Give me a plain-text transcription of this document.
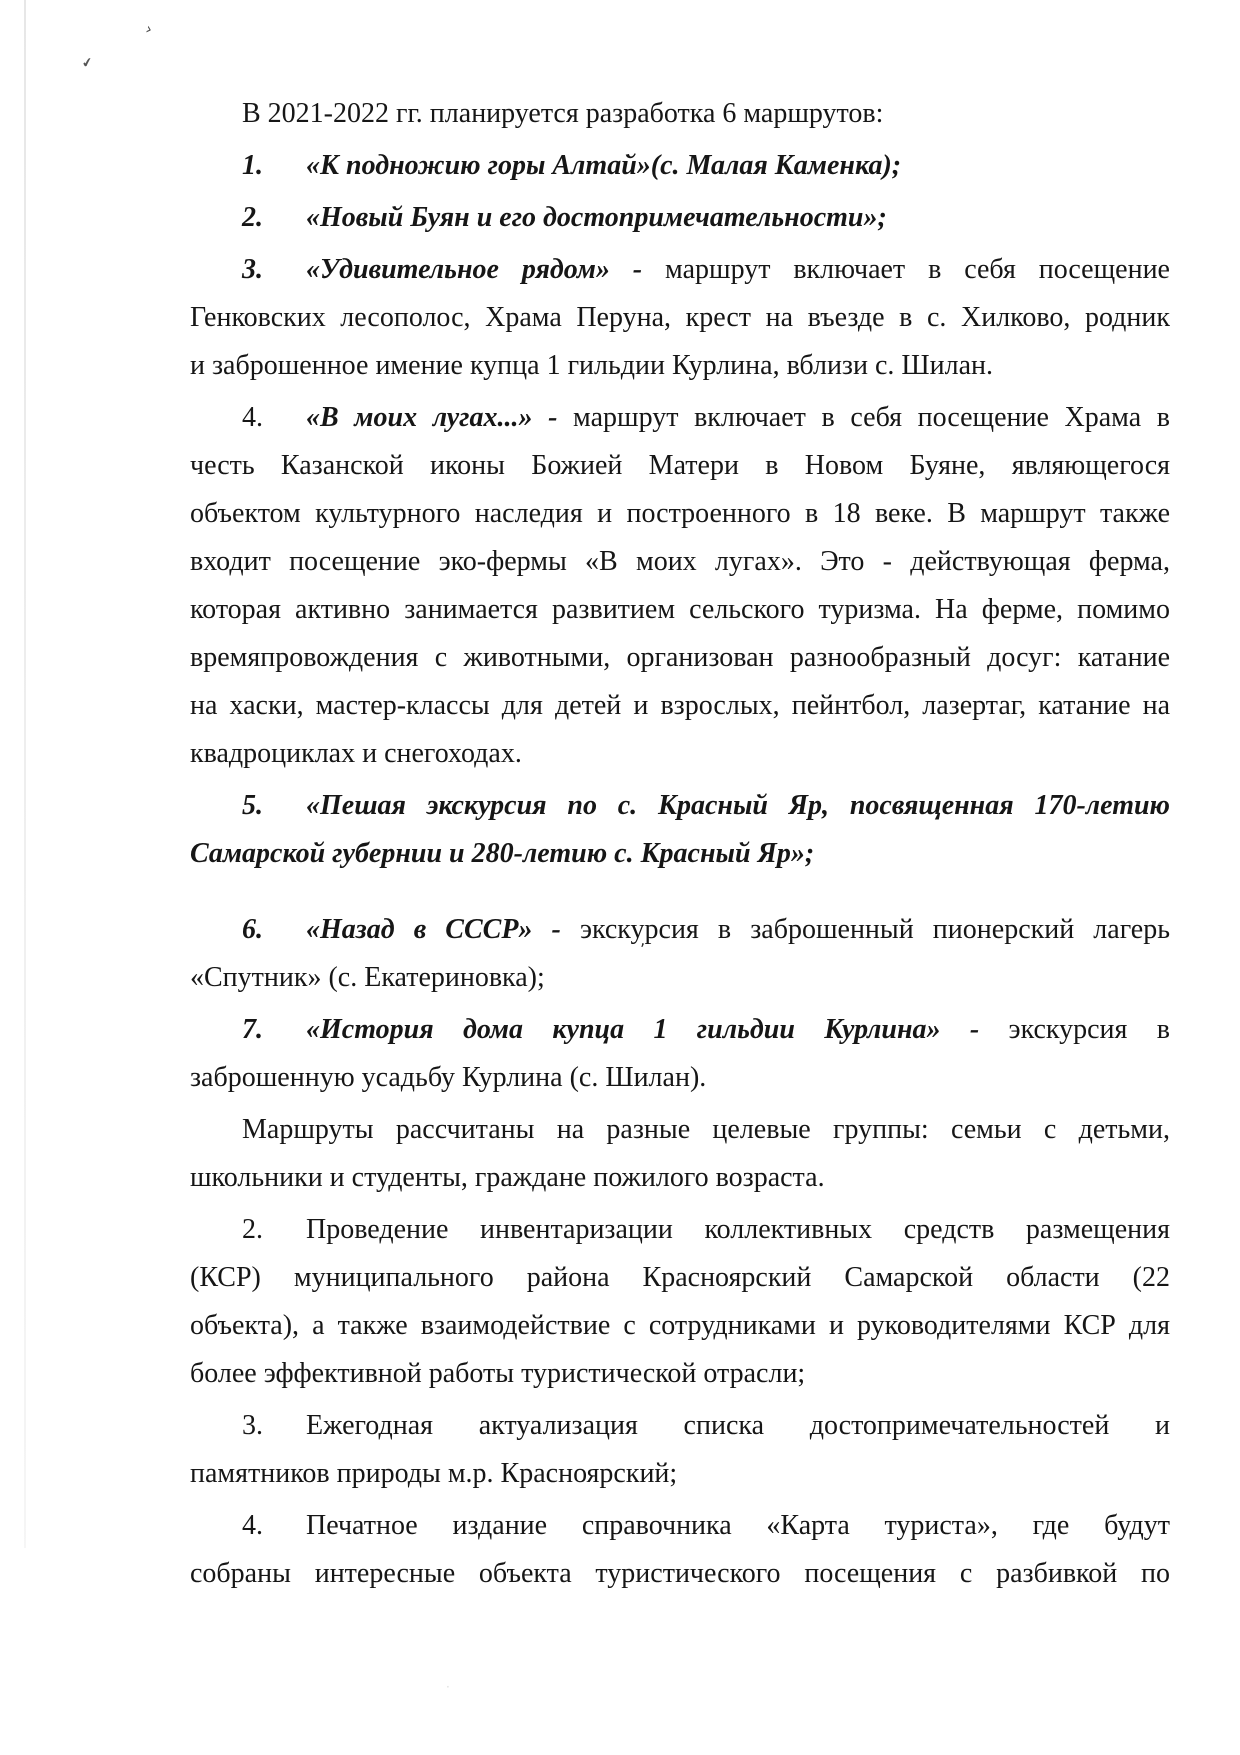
›
✔
ʼ
·
В 2021-2022 гг. планируется разработка 6 маршрутов:
1. «К подножию горы Алтай»(с. Малая Каменка);
2. «Новый Буян и его достопримечательности»;
3. «Удивительное рядом» - маршрут включает в себя посещение
Генковских лесополос, Храма Перуна, крест на въезде в с. Хилково, родник
и заброшенное имение купца 1 гильдии Курлина, вблизи с. Шилан.
4. «В моих лугах...» - маршрут включает в себя посещение Храма в
честь Казанской иконы Божией Матери в Новом Буяне, являющегося
объектом культурного наследия и построенного в 18 веке. В маршрут также
входит посещение эко-фермы «В моих лугах». Это - действующая ферма,
которая активно занимается развитием сельского туризма. На ферме, помимо
времяпровождения с животными, организован разнообразный досуг: катание
на хаски, мастер-классы для детей и взрослых, пейнтбол, лазертаг, катание на
квадроциклах и снегоходах.
5. «Пешая экскурсия по с. Красный Яр, посвященная 170-летию
Самарской губернии и 280-летию с. Красный Яр»;
6. «Назад в СССР» - экскурсия в заброшенный пионерский лагерь
«Спутник» (с. Екатериновка);
7. «История дома купца 1 гильдии Курлина» - экскурсия в
заброшенную усадьбу Курлина (с. Шилан).
Маршруты рассчитаны на разные целевые группы: семьи с детьми,
школьники и студенты, граждане пожилого возраста.
2. Проведение инвентаризации коллективных средств размещения
(КСР) муниципального района Красноярский Самарской области (22
объекта), а также взаимодействие с сотрудниками и руководителями КСР для
более эффективной работы туристической отрасли;
3. Ежегодная актуализация списка достопримечательностей и
памятников природы м.р. Красноярский;
4. Печатное издание справочника «Карта туриста», где будут
собраны интересные объекта туристического посещения с разбивкой по
